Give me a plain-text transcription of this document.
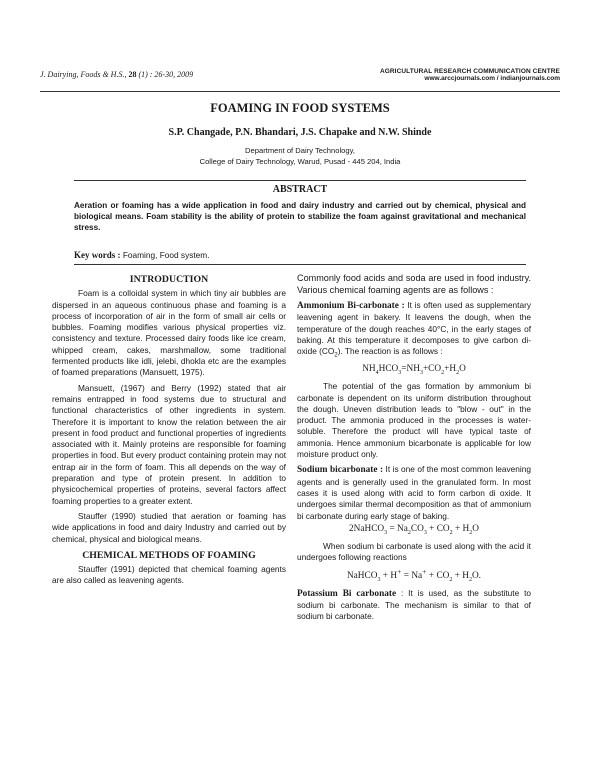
J. Dairying, Foods & H.S., 28 (1) : 26-30, 2009	AGRICULTURAL RESEARCH COMMUNICATION CENTRE
www.arccjournals.com / indianjournals.com
FOAMING IN FOOD SYSTEMS
S.P. Changade, P.N. Bhandari, J.S. Chapake and N.W. Shinde
Department of Dairy Technology,
College of Dairy Technology, Warud, Pusad - 445 204, India
ABSTRACT
Aeration or foaming has a wide application in food and dairy industry and carried out by chemical, physical and biological means. Foam stability is the ability of protein to stabilize the foam against gravitational and mechanical stress.
Key words : Foaming, Food system.
INTRODUCTION

Foam is a colloidal system in which tiny air bubbles are dispersed in an aqueous continuous phase and foaming is a process of incorporation of air in the form of small air cells or bubbles. Foaming modifies various physical properties viz. consistency and texture. Processed dairy foods like ice cream, whipped cream, cakes, marshmallow, some traditional fermented products like idli, jelebi, dhokla etc are the examples of foamed preparations (Mansuett, 1975).

Mansuett, (1967) and Berry (1992) stated that air remains entrapped in food systems due to structural and functional characteristics of other ingredients in system. Therefore it is important to know the relation between the air present in food product and functional properties of ingredients associated with it. Mainly proteins are responsible for foaming properties in food. But every product containing protein may not entrap air in the form of foam. This all depends on the way of preparation and type of protein present. In addition to physicochemical properties of proteins, several factors affect foaming properties to a greater extent.

Stauffer (1990) studied that aeration or foaming has wide applications in food and dairy Industry and carried out by chemical, physical and biological means.

CHEMICAL METHODS OF FOAMING

Stauffer (1991) depicted that chemical foaming agents are also called as leavening agents.

Commonly food acids and soda are used in food industry. Various chemical foaming agents are as follows :

Ammonium Bi-carbonate : It is often used as supplementary leavening agent in bakery. It leavens the dough, when the temperature of the dough reaches 40°C, in the early stages of baking. At this temperature it decomposes to give carbon di-oxide $(CO_2)$. The reaction is as follows :

$NH_4HCO_3=NH_3+CO_2+H_2O$

The potential of the gas formation by ammonium bi carbonate is dependent on its uniform distribution throughout the dough. Uneven distribution leads to "blow - out" in the product. The ammonia produced in the processes is water-soluble. Therefore the product will have typical taste of ammonia. Hence ammonium bicarbonate is applicable for low moisture product only.

Sodium bicarbonate : It is one of the most common leavening agents and is generally used in the granulated form. In most cases it is used along with acid to form carbon di oxide. It undergoes similar thermal decomposition as that of ammonium bi carbonate during early stage of baking.

2NaHCO$_3$ = $Na_2CO_3 + CO_2 + H_2O$

When sodium bi carbonate is used along with the acid it undergoes following reactions

NaHCO$_3$ + $H^+ = Na^+ + CO_2 + H_2O$.

Potassium Bi carbonate : It is used, as the substitute to sodium bi carbonate. The mechanism is similar to that of sodium bi carbonate.
